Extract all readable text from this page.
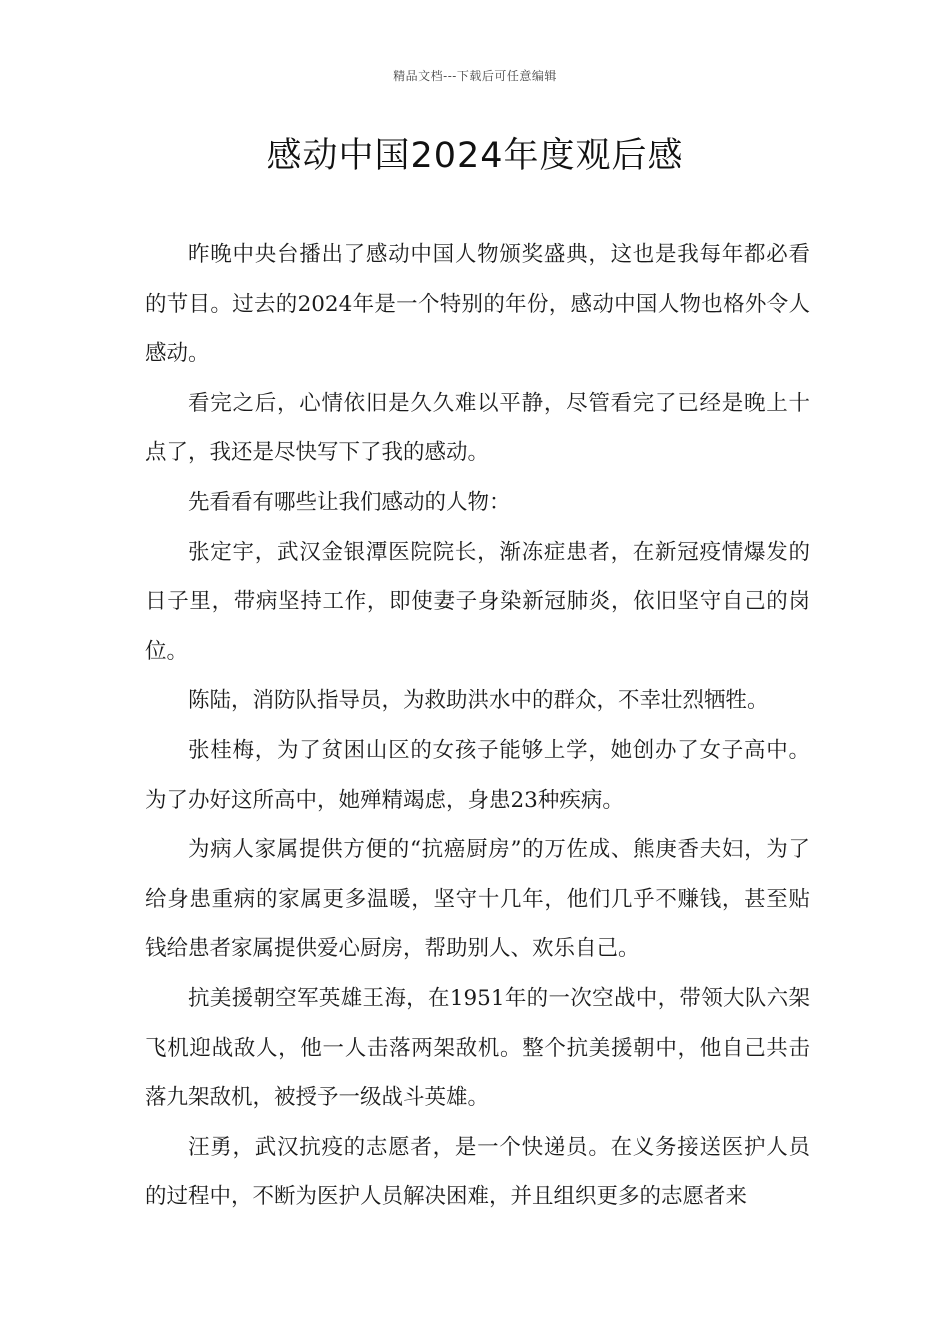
精品文档---下载后可任意编辑
感动中国2024年度观后感

昨晚中央台播出了感动中国人物颁奖盛典，这也是我每年都必看的节目。过去的2024年是一个特别的年份，感动中国人物也格外令人感动。

看完之后，心情依旧是久久难以平静，尽管看完了已经是晚上十点了，我还是尽快写下了我的感动。

先看看有哪些让我们感动的人物：

张定宇，武汉金银潭医院院长，渐冻症患者，在新冠疫情爆发的日子里，带病坚持工作，即使妻子身染新冠肺炎，依旧坚守自己的岗位。

陈陆，消防队指导员，为救助洪水中的群众，不幸壮烈牺牲。

张桂梅，为了贫困山区的女孩子能够上学，她创办了女子高中。为了办好这所高中，她殚精竭虑，身患23种疾病。

为病人家属提供方便的“抗癌厨房”的万佐成、熊庚香夫妇，为了给身患重病的家属更多温暖，坚守十几年，他们几乎不赚钱，甚至贴钱给患者家属提供爱心厨房，帮助别人、欢乐自己。

抗美援朝空军英雄王海，在1951年的一次空战中，带领大队六架飞机迎战敌人，他一人击落两架敌机。整个抗美援朝中，他自己共击落九架敌机，被授予一级战斗英雄。

汪勇，武汉抗疫的志愿者，是一个快递员。在义务接送医护人员的过程中，不断为医护人员解决困难，并且组织更多的志愿者来
